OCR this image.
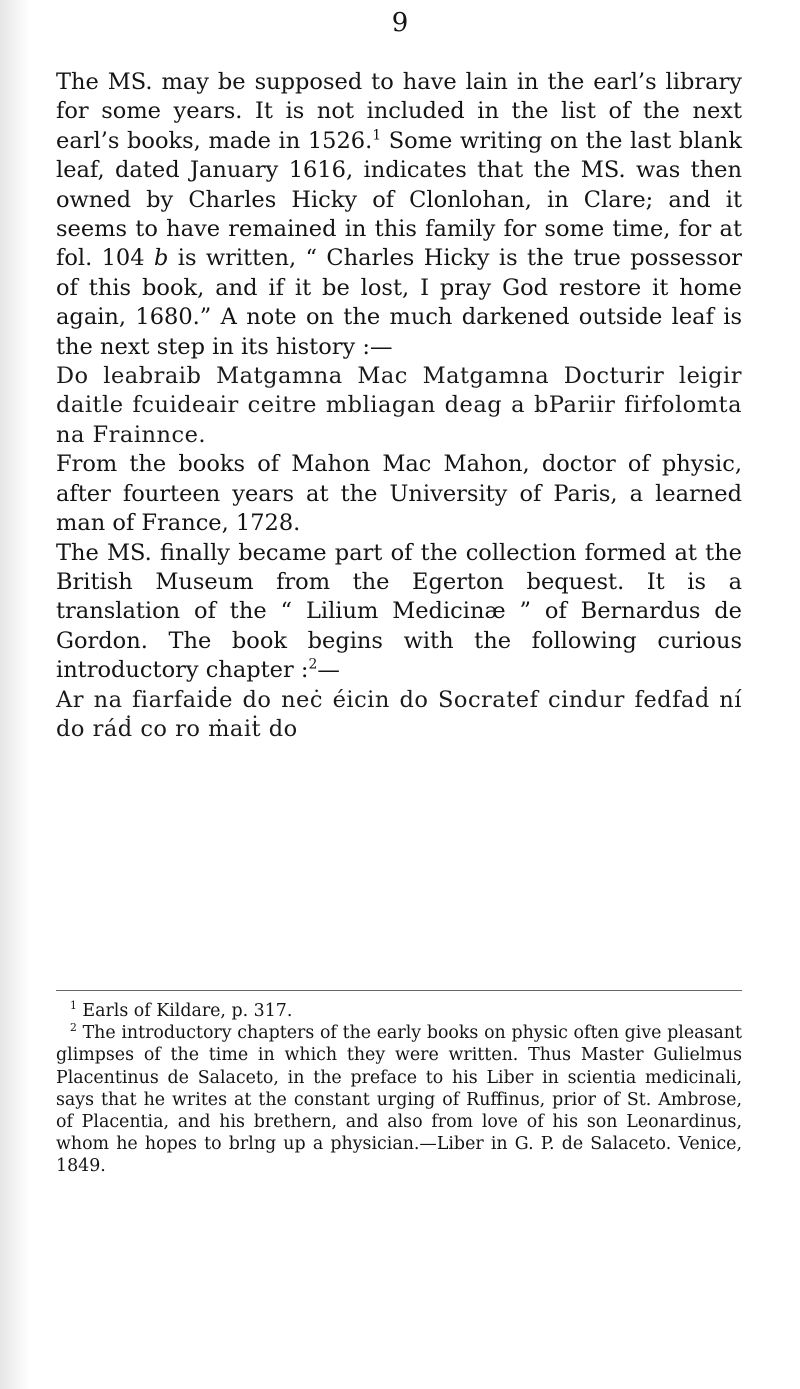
9

The MS. may be supposed to have lain in the earl’s library for some years. It is not included in the list of the next earl’s books, made in 1526.$^1$ Some writing on the last blank leaf, dated January 1616, indicates that the MS. was then owned by Charles Hicky of Clonlohan, in Clare; and it seems to have remained in this family for some time, for at fol. 104 b is written, “ Charles Hicky is the true possessor of this book, and if it be lost, I pray God restore it home again, 1680.” A note on the much darkened outside leaf is the next step in its history :—

Do leabraib Matgamna Mac Matgamna Docturir leigir daitle fcuideair ceitre mbliagan deag a bPariir fiṙfolomta na Frainnce.

From the books of Mahon Mac Mahon, doctor of physic, after fourteen years at the University of Paris, a learned man of France, 1728.

The MS. finally became part of the collection formed at the British Museum from the Egerton bequest. It is a translation of the “ Lilium Medicinæ ” of Bernardus de Gordon. The book begins with the following curious introductory chapter :$^2$—

Ar na fiarfaiḋe do neċ éicin do Socratef cindur fedfaḋ ní do ráḋ co ro ṁaiṫ do

$^1$ Earls of Kildare, p. 317.

$^2$ The introductory chapters of the early books on physic often give pleasant glimpses of the time in which they were written. Thus Master Gulielmus Placentinus de Salaceto, in the preface to his Liber in scientia medicinali, says that he writes at the constant urging of Ruffinus, prior of St. Ambrose, of Placentia, and his brethern, and also from love of his son Leonardinus, whom he hopes to brlng up a physician.—Liber in G. P. de Salaceto. Venice, 1849.
